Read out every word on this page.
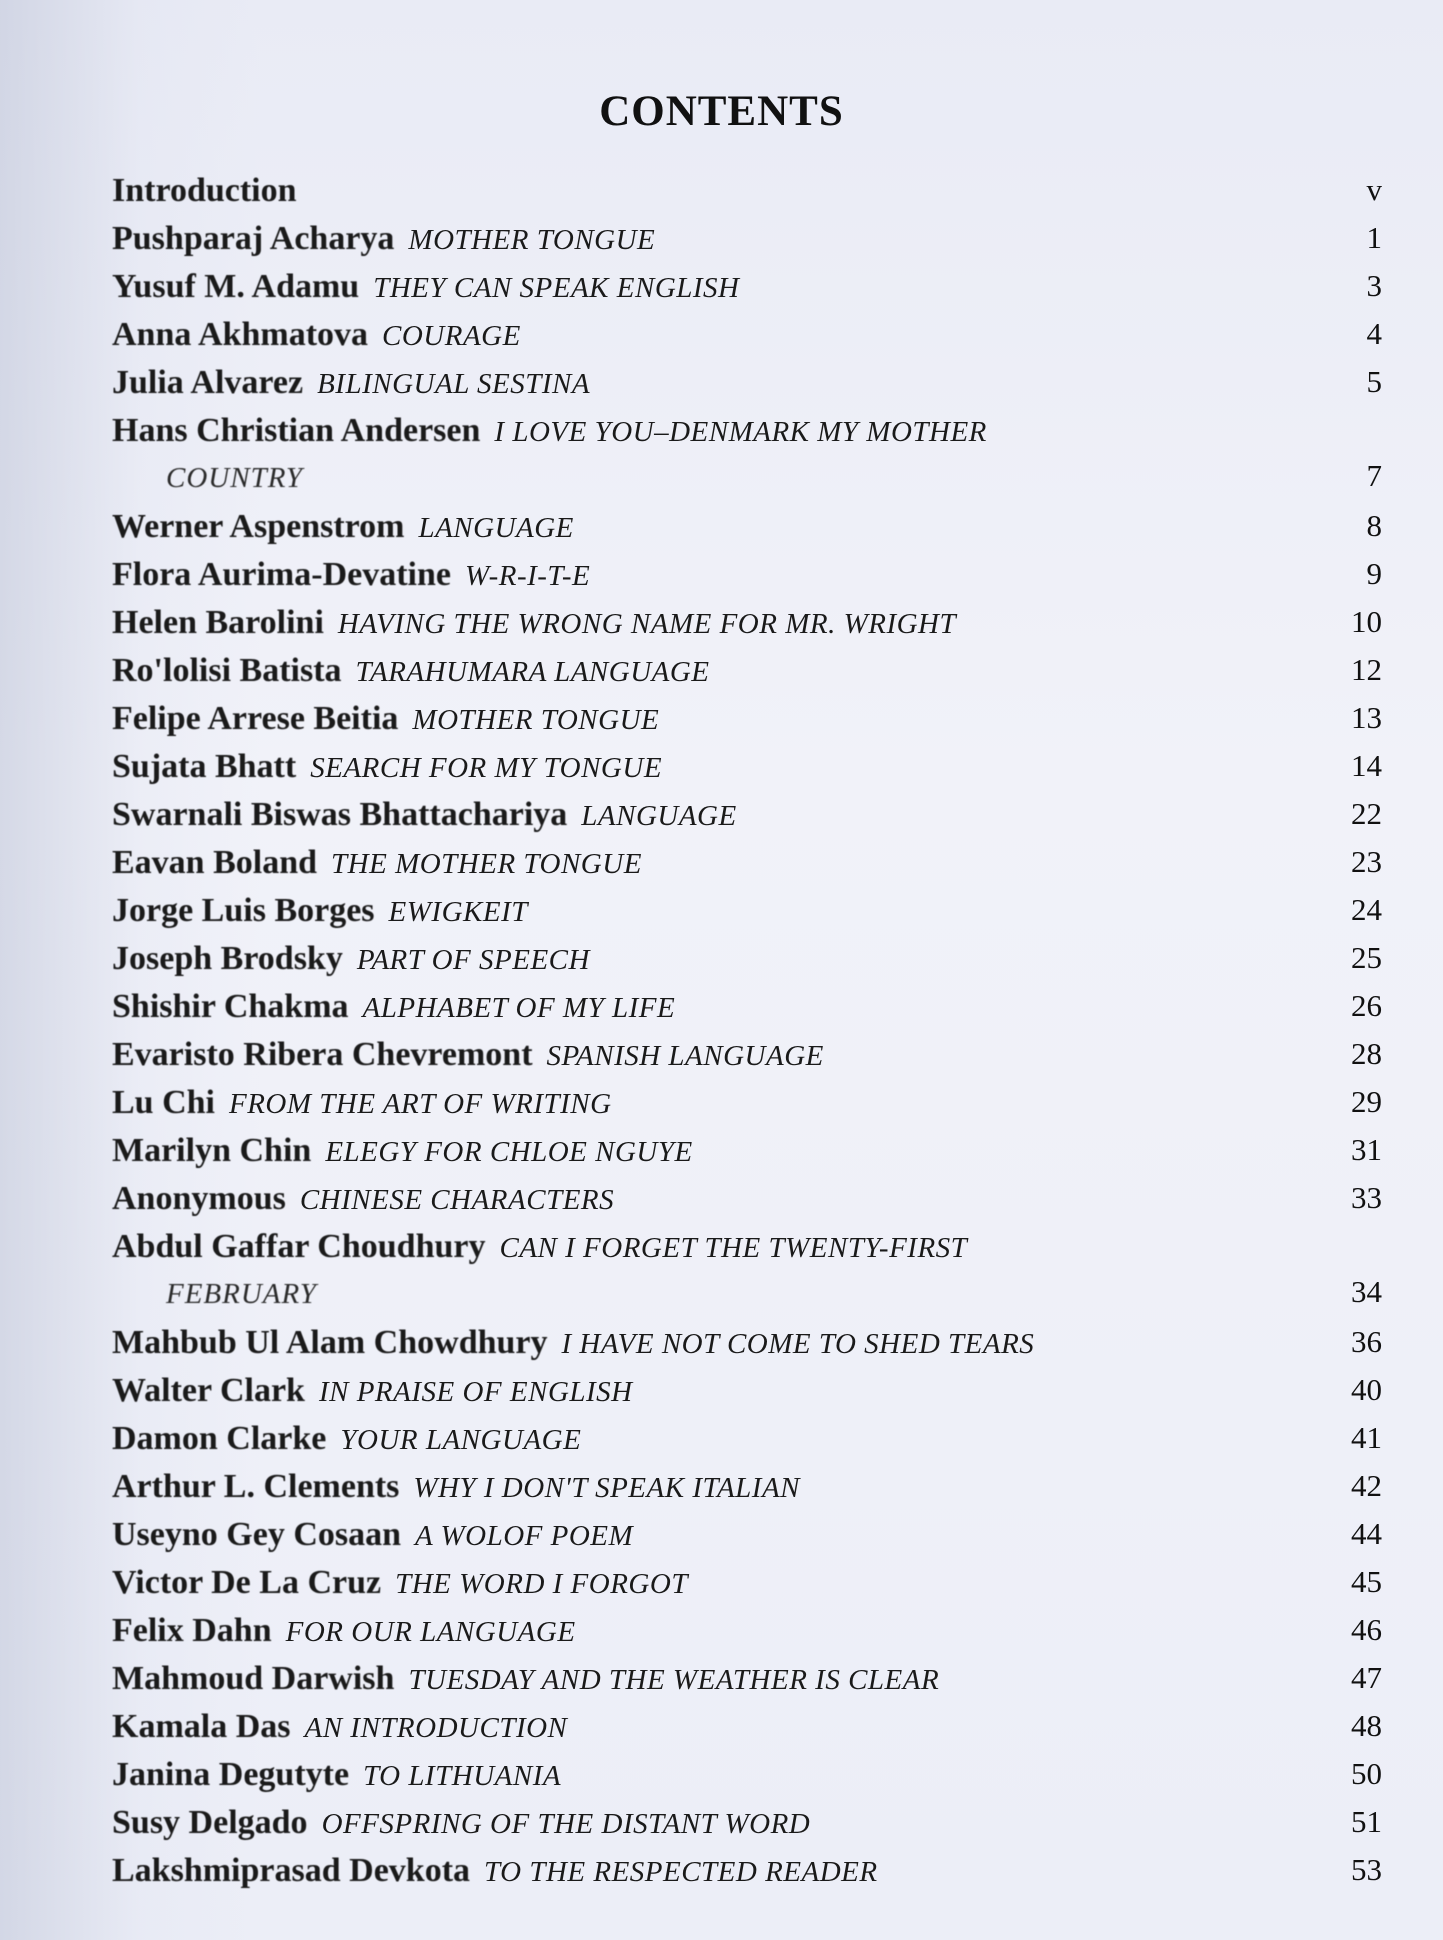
CONTENTS
Introduction	v
Pushparaj Acharya MOTHER TONGUE	1
Yusuf M. Adamu THEY CAN SPEAK ENGLISH	3
Anna Akhmatova COURAGE	4
Julia Alvarez BILINGUAL SESTINA	5
Hans Christian Andersen I LOVE YOU–DENMARK MY MOTHER
COUNTRY	7
Werner Aspenstrom LANGUAGE	8
Flora Aurima-Devatine W-R-I-T-E	9
Helen Barolini HAVING THE WRONG NAME FOR MR. WRIGHT	10
Ro'lolisi Batista TARAHUMARA LANGUAGE	12
Felipe Arrese Beitia MOTHER TONGUE	13
Sujata Bhatt SEARCH FOR MY TONGUE	14
Swarnali Biswas Bhattachariya LANGUAGE	22
Eavan Boland THE MOTHER TONGUE	23
Jorge Luis Borges EWIGKEIT	24
Joseph Brodsky PART OF SPEECH	25
Shishir Chakma ALPHABET OF MY LIFE	26
Evaristo Ribera Chevremont SPANISH LANGUAGE	28
Lu Chi FROM THE ART OF WRITING	29
Marilyn Chin ELEGY FOR CHLOE NGUYE	31
Anonymous CHINESE CHARACTERS	33
Abdul Gaffar Choudhury CAN I FORGET THE TWENTY-FIRST
FEBRUARY	34
Mahbub Ul Alam Chowdhury I HAVE NOT COME TO SHED TEARS	36
Walter Clark IN PRAISE OF ENGLISH	40
Damon Clarke YOUR LANGUAGE	41
Arthur L. Clements WHY I DON'T SPEAK ITALIAN	42
Useyno Gey Cosaan A WOLOF POEM	44
Victor De La Cruz THE WORD I FORGOT	45
Felix Dahn FOR OUR LANGUAGE	46
Mahmoud Darwish TUESDAY AND THE WEATHER IS CLEAR	47
Kamala Das AN INTRODUCTION	48
Janina Degutyte TO LITHUANIA	50
Susy Delgado OFFSPRING OF THE DISTANT WORD	51
Lakshmiprasad Devkota TO THE RESPECTED READER	53
